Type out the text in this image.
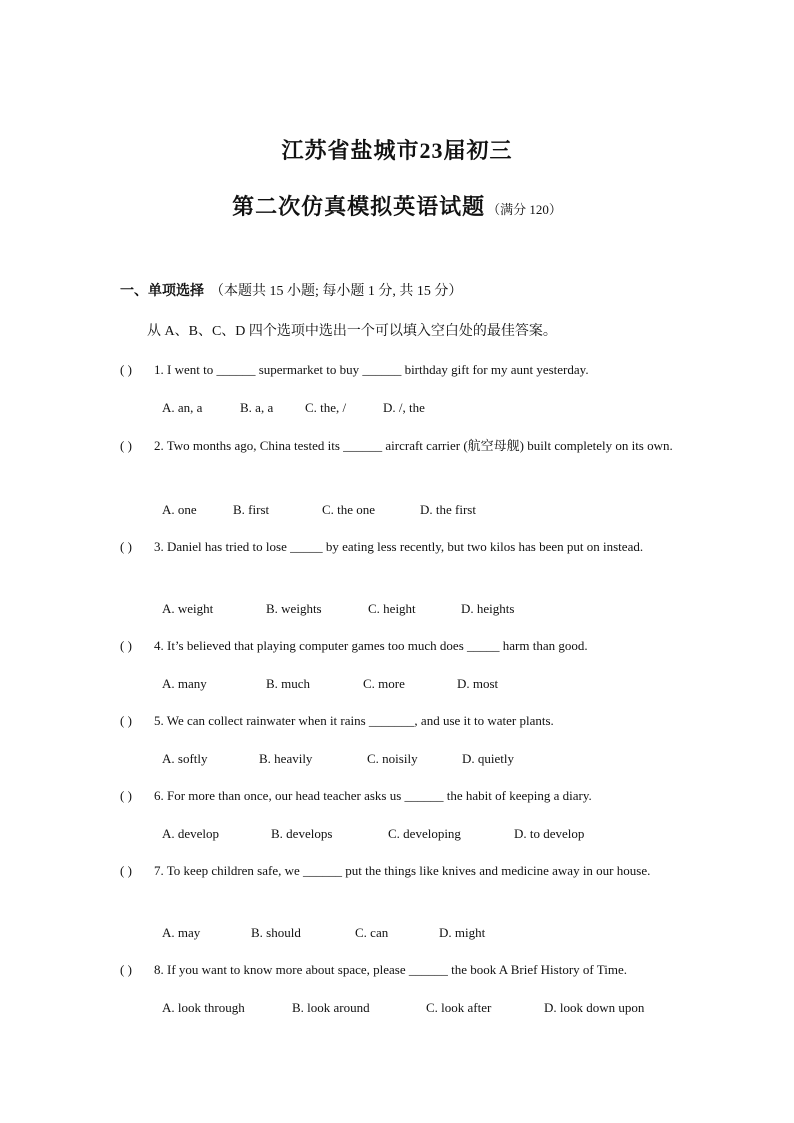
江苏省盐城市23届初三
第二次仿真模拟英语试题 （满分 120）
一、单项选择 （本题共 15 小题; 每小题 1 分, 共 15 分）
从 A、B、C、D 四个选项中选出一个可以填入空白处的最佳答案。
( ) 1. I went to ______ supermarket to buy ______ birthday gift for my aunt yesterday.

A. an, a

	B. a, a

C. the, /

	D. /, the

( ) 2. Two months ago, China tested its ______ aircraft carrier (航空母舰) built completely on its own.

A. one

	B. first

	C. the one

	D. the first

( ) 3. Daniel has tried to lose _____ by eating less recently, but two kilos has been put on instead.

A. weight

	B. weights

	C. height

	D. heights

( ) 4. It’s believed that playing computer games too much does _____ harm than good.

A. many

	B. much

	C. more

	D. most

( ) 5. We can collect rainwater when it rains _______, and use it to water plants.

A. softly

	B. heavily

	C. noisily

	D. quietly

( ) 6. For more than once, our head teacher asks us ______ the habit of keeping a diary.

A. develop

	B. develops

	C. developing

	D. to develop

( ) 7. To keep children safe, we ______ put the things like knives and medicine away in our house.

A. may

	B. should

	C. can

	D. might

( ) 8. If you want to know more about space, please ______ the book A Brief History of Time.

A. look through

	B. look around

	C. look after

	D. look down upon
